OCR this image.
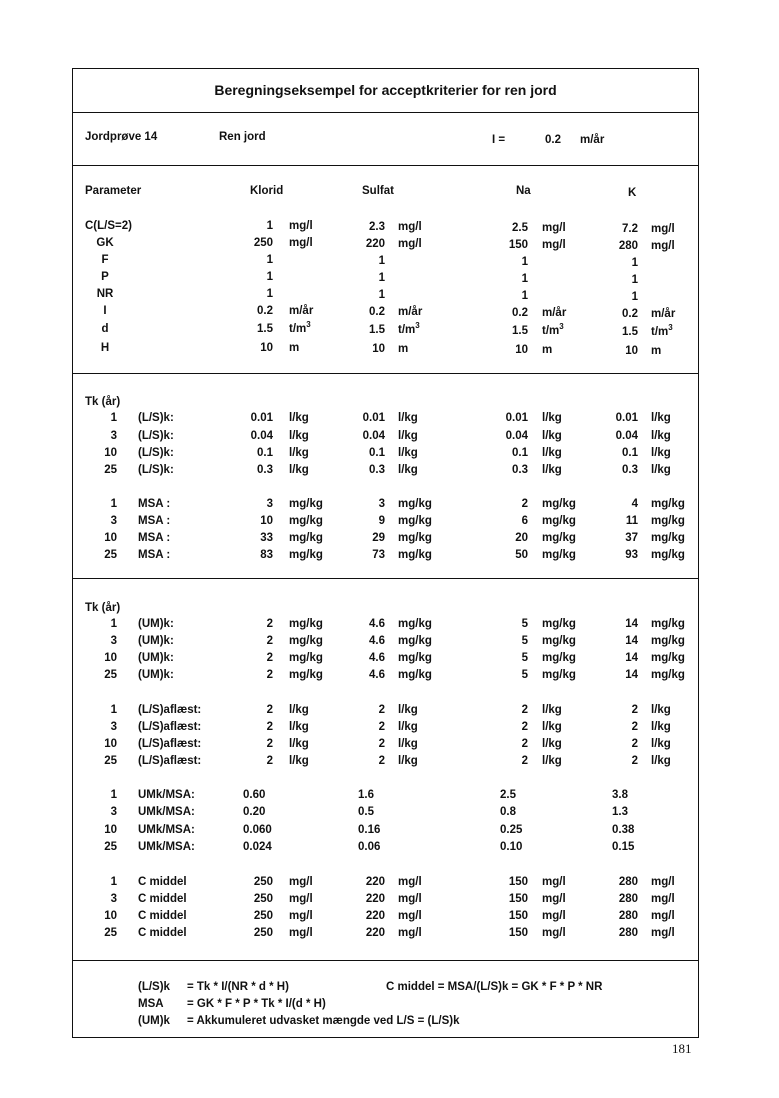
Beregningseksempel for acceptkriterier for ren jord
Jordprøve 14	Ren jord	I =	0.2 m/år
Parameter	Klorid	Sulfat	Na	K
Tk (år)
Tk (år)
C(L/S=2)	1 mg/l	2.3 mg/l	2.5 mg/l	7.2 mg/l
GK	250 mg/l	220 mg/l	150 mg/l	280 mg/l
F	1	1	1	1
P	1	1	1	1
NR	1	1	1	1
I	0.2 m/år	0.2 m/år	0.2 m/år	0.2 m/år
d	1.5 $t/m^3$	1.5 $t/m^3$	1.5 $t/m^3$	1.5 $t/m^3$
H	10 m	10 m	10 m	10 m
1 (L/S)k:	0.01 l/kg	0.01 l/kg	0.01 l/kg	0.01 l/kg
3 (L/S)k:	0.04 l/kg	0.04 l/kg	0.04 l/kg	0.04 l/kg
10 (L/S)k:	0.1 l/kg	0.1 l/kg	0.1 l/kg	0.1 l/kg
25 (L/S)k:	0.3 l/kg	0.3 l/kg	0.3 l/kg	0.3 l/kg
1 MSA :	3 mg/kg	3 mg/kg	2 mg/kg	4 mg/kg
3 MSA :	10 mg/kg	9 mg/kg	6 mg/kg	11 mg/kg
10 MSA :	33 mg/kg	29 mg/kg	20 mg/kg	37 mg/kg
25 MSA :	83 mg/kg	73 mg/kg	50 mg/kg	93 mg/kg
1 (UM)k:	2 mg/kg	4.6 mg/kg	5 mg/kg	14 mg/kg
3 (UM)k:	2 mg/kg	4.6 mg/kg	5 mg/kg	14 mg/kg
10 (UM)k:	2 mg/kg	4.6 mg/kg	5 mg/kg	14 mg/kg
25 (UM)k:	2 mg/kg	4.6 mg/kg	5 mg/kg	14 mg/kg
1 (L/S)aflæst:	2 l/kg	2 l/kg	2 l/kg	2 l/kg
3 (L/S)aflæst:	2 l/kg	2 l/kg	2 l/kg	2 l/kg
10 (L/S)aflæst:	2 l/kg	2 l/kg	2 l/kg	2 l/kg
25 (L/S)aflæst:	2 l/kg	2 l/kg	2 l/kg	2 l/kg
1 UMk/MSA:	0.60	1.6	2.5	3.8
3 UMk/MSA:	0.20	0.5	0.8	1.3
10 UMk/MSA:	0.060	0.16	0.25	0.38
25 UMk/MSA:	0.024	0.06	0.10	0.15
1 C middel	250 mg/l	220 mg/l	150 mg/l	280 mg/l
3 C middel	250 mg/l	220 mg/l	150 mg/l	280 mg/l
10 C middel	250 mg/l	220 mg/l	150 mg/l	280 mg/l
25 C middel	250 mg/l	220 mg/l	150 mg/l	280 mg/l
(L/S)k = Tk * I/(NR * d * H)
MSA = GK * F * P * Tk * I/(d * H)
(UM)k = Akkumuleret udvasket mængde ved L/S = (L/S)k
C middel = MSA/(L/S)k = GK * F * P * NR
181
